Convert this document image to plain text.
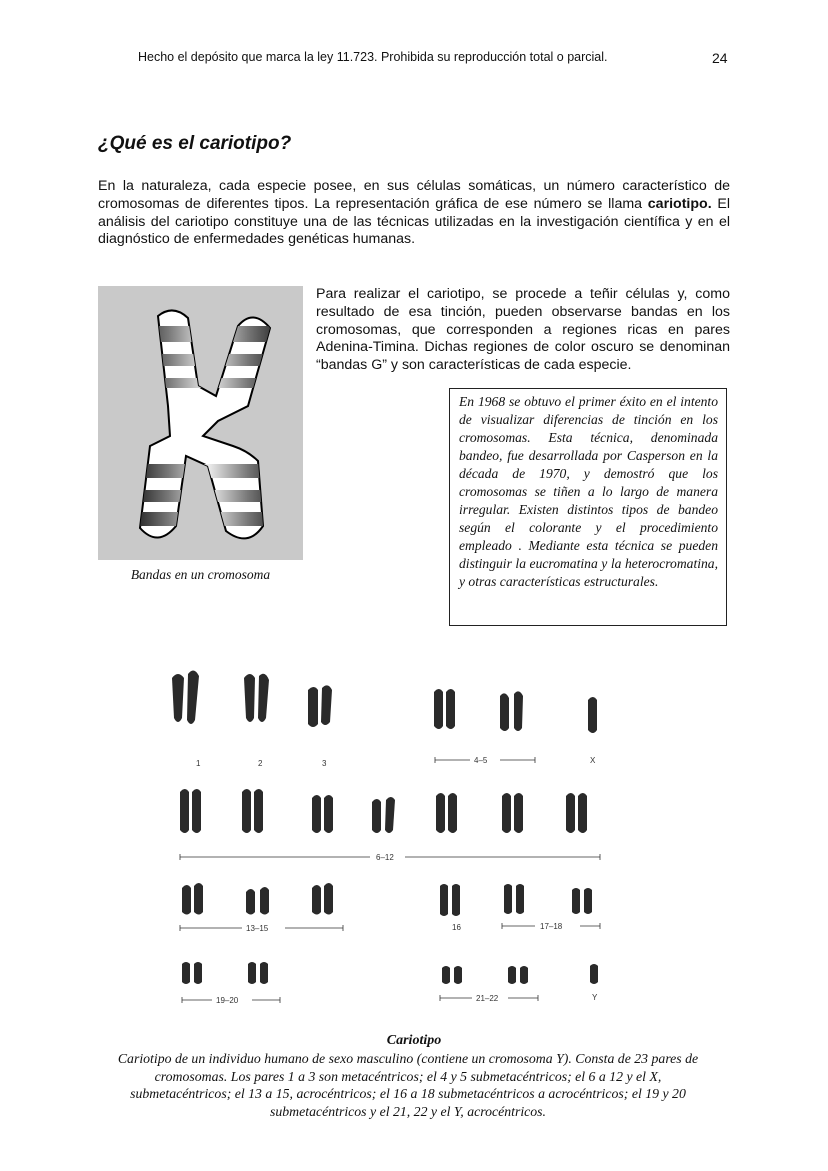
Hecho el depósito que marca la ley 11.723. Prohibida su reproducción total o parcial.	24
¿Qué es el cariotipo?

En la naturaleza, cada especie posee, en sus células somáticas, un número característico de cromosomas de diferentes tipos. La representación gráfica de ese número se llama cariotipo. El análisis del cariotipo constituye una de las técnicas utilizadas en la investigación científica y en el diagnóstico de enfermedades genéticas humanas.

Bandas en un cromosoma

Para realizar el cariotipo, se procede a teñir células y, como resultado de esa tinción, pueden observarse bandas en los cromosomas, que corresponden a regiones ricas en pares Adenina-Timina. Dichas regiones de color oscuro se denominan “bandas G” y son características de cada especie.

En 1968 se obtuvo el primer éxito en el intento de visualizar diferencias de tinción en los cromosomas. Esta técnica, denominada bandeo, fue desarrollada por Casperson en la década de 1970, y demostró que los cromosomas se tiñen a lo largo de manera irregular. Existen distintos tipos de bandeo según el colorante y el procedimiento empleado . Mediante esta técnica se pueden distinguir la eucromatina y la heterocromatina, y otras características estructurales.

1	2	3	4–5	X
6–12
13–15	16	17–18
19–20	21–22	Y
Cariotipo

Cariotipo de un individuo humano de sexo masculino (contiene un cromosoma Y). Consta de 23 pares de cromosomas. Los pares 1 a 3 son metacéntricos; el 4 y 5 submetacéntricos; el 6 a 12 y el X, submetacéntricos; el 13 a 15, acrocéntricos; el 16 a 18 submetacéntricos a acrocéntricos; el 19 y 20 submetacéntricos y el 21, 22 y el Y, acrocéntricos.
